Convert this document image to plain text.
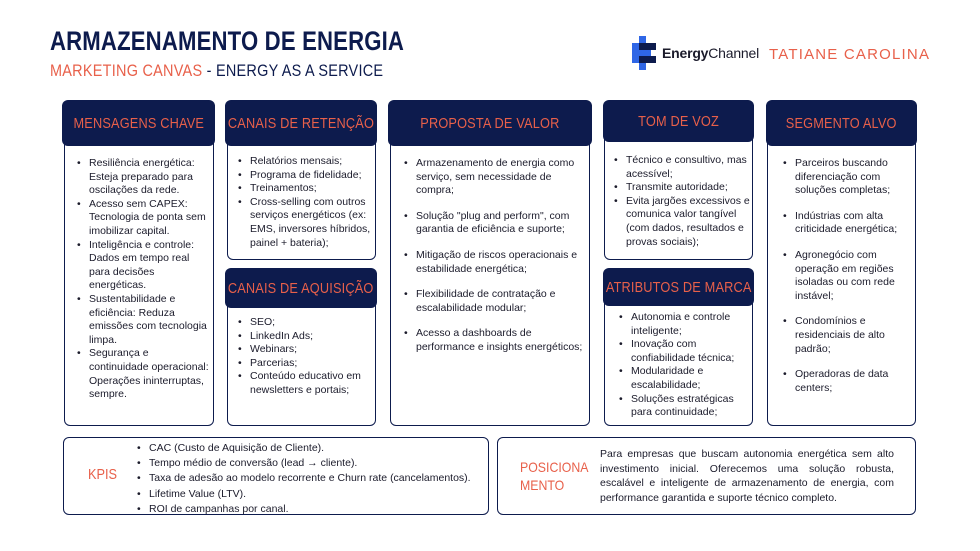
ARMAZENAMENTO DE ENERGIA
MARKETING CANVAS - ENERGY AS A SERVICE
EnergyChannel TATIANE CAROLINA
MENSAGENS CHAVE
• Resiliência energética: Esteja preparado para oscilações da rede.
• Acesso sem CAPEX: Tecnologia de ponta sem imobilizar capital.
• Inteligência e controle: Dados em tempo real para decisões energéticas.
• Sustentabilidade e eficiência: Reduza emissões com tecnologia limpa.
• Segurança e continuidade operacional: Operações ininterruptas, sempre.
CANAIS DE RETENÇÃO
• Relatórios mensais;
• Programa de fidelidade;
• Treinamentos;
• Cross-selling com outros serviços energéticos (ex: EMS, inversores híbridos, painel + bateria);
CANAIS DE AQUISIÇÃO
• SEO;
• LinkedIn Ads;
• Webinars;
• Parcerias;
• Conteúdo educativo em newsletters e portais;
PROPOSTA DE VALOR
• Armazenamento de energia como serviço, sem necessidade de compra;
• Solução "plug and perform", com garantia de eficiência e suporte;
• Mitigação de riscos operacionais e estabilidade energética;
• Flexibilidade de contratação e escalabilidade modular;
• Acesso a dashboards de performance e insights energéticos;
TOM DE VOZ
• Técnico e consultivo, mas acessível;
• Transmite autoridade;
• Evita jargões excessivos e comunica valor tangível (com dados, resultados e provas sociais);
ATRIBUTOS DE MARCA
• Autonomia e controle inteligente;
• Inovação com confiabilidade técnica;
• Modularidade e escalabilidade;
• Soluções estratégicas para continuidade;
SEGMENTO ALVO
• Parceiros buscando diferenciação com soluções completas;
• Indústrias com alta criticidade energética;
• Agronegócio com operação em regiões isoladas ou com rede instável;
• Condomínios e residenciais de alto padrão;
• Operadoras de data centers;
KPIS
• CAC (Custo de Aquisição de Cliente).
• Tempo médio de conversão (lead → cliente).
• Taxa de adesão ao modelo recorrente e Churn rate (cancelamentos).
• Lifetime Value (LTV).
• ROI de campanhas por canal.
POSICIONA
MENTO
Para empresas que buscam autonomia energética sem alto investimento inicial. Oferecemos uma solução robusta, escalável e inteligente de armazenamento de energia, com performance garantida e suporte técnico completo.
